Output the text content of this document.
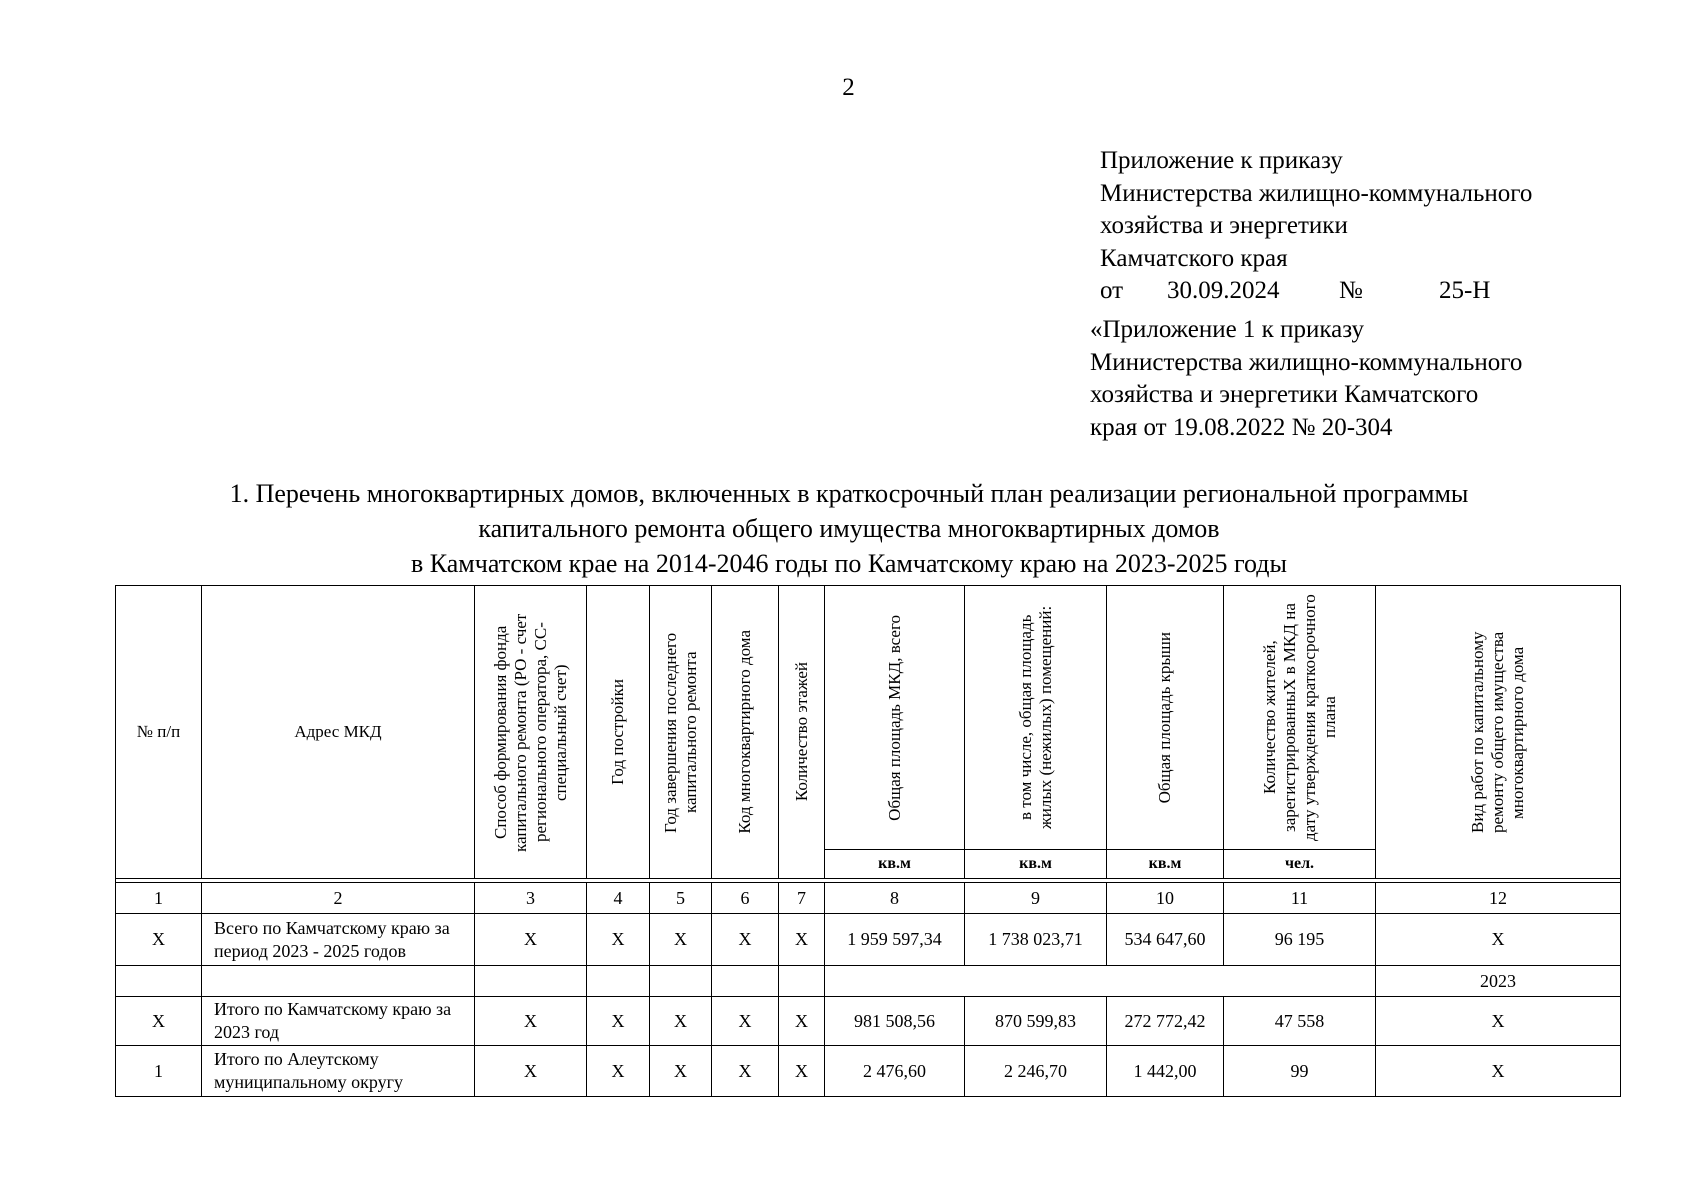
2
Приложение к приказу
Министерства жилищно-коммунального
хозяйства и энергетики
Камчатского края
от 30.09.2024 №	25-Н
«Приложение 1 к приказу
Министерства жилищно-коммунального
хозяйства и энергетики Камчатского
края от 19.08.2022 № 20-304
1. Перечень многоквартирных домов, включенных в краткосрочный план реализации региональной программы
капитального ремонта общего имущества многоквартирных домов
в Камчатском крае на 2014-2046 годы по Камчатскому краю на 2023-2025 годы
№ п/п	Адрес МКД	Способ формирования фонда капитального ремонта (РО - счет регионального оператора, СС-специальный счет)	Год постройки	Год завершения последнего капитального ремонта	Код многоквартирного дома	Количество этажей	Общая площадь МКД, всего	в том числе, общая площадь жилых (нежилых) помещений:	Общая площадь крыши	Количество жителей, зарегистрированныХ в МКД на дату утверждения краткосрочного плана	Вид работ по капитальному ремонту общего имущества многоквартирного дома

							кв.м	кв.м	кв.м	чел.	

1	2	3	4	5	6	7	8	9	10	11	12
Х	Всего по Камчатскому краю за период 2023 - 2025 годов	Х	Х	Х	Х	Х	1 959 597,34	1 738 023,71	534 647,60	96 195	Х
											2023
Х	Итого по Камчатскому краю за 2023 год	Х	Х	Х	Х	Х	981 508,56	870 599,83	272 772,42	47 558	Х
1	Итого по Алеутскому муниципальному округу	Х	Х	Х	Х	Х	2 476,60	2 246,70	1 442,00	99	Х
